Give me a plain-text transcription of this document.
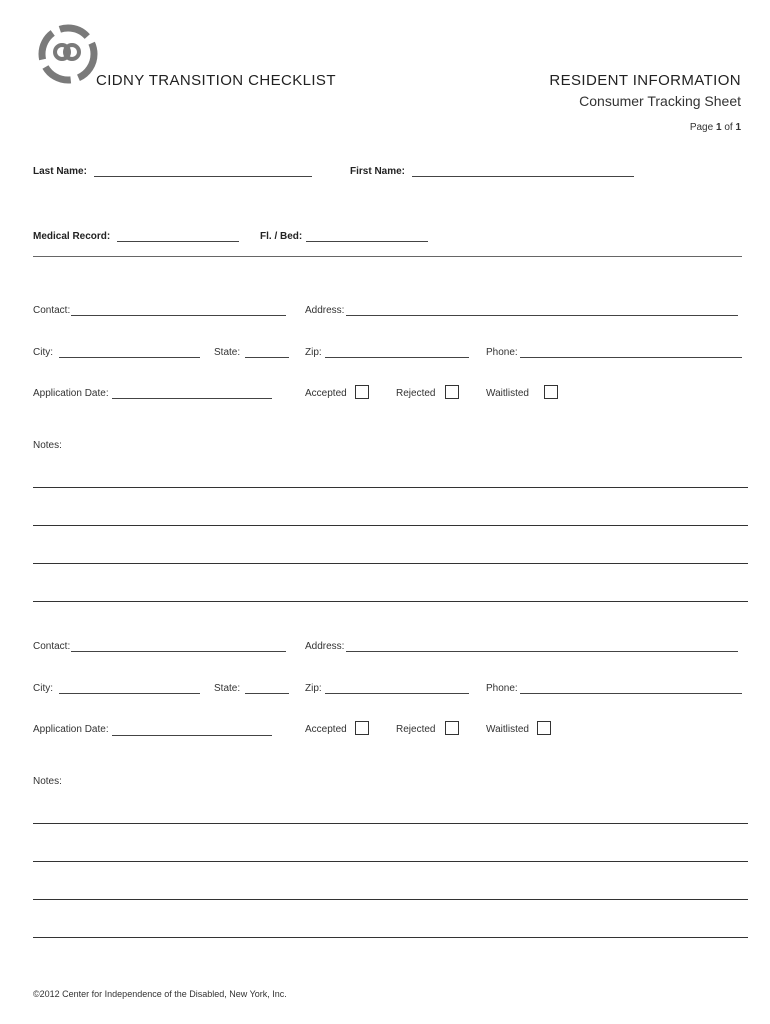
CIDNY TRANSITION CHECKLIST	RESIDENT INFORMATION
Consumer Tracking Sheet
Page 1 of 1
Last Name:	First Name:
Medical Record:	Fl. / Bed:
Contact:	Address:
City:	State:	Zip:	Phone:
Application Date:	Accepted	Rejected	Waitlisted
Notes:
Contact:	Address:
City:	State:	Zip:	Phone:
Application Date:	Accepted	Rejected	Waitlisted
Notes:
©2012 Center for Independence of the Disabled, New York, Inc.
